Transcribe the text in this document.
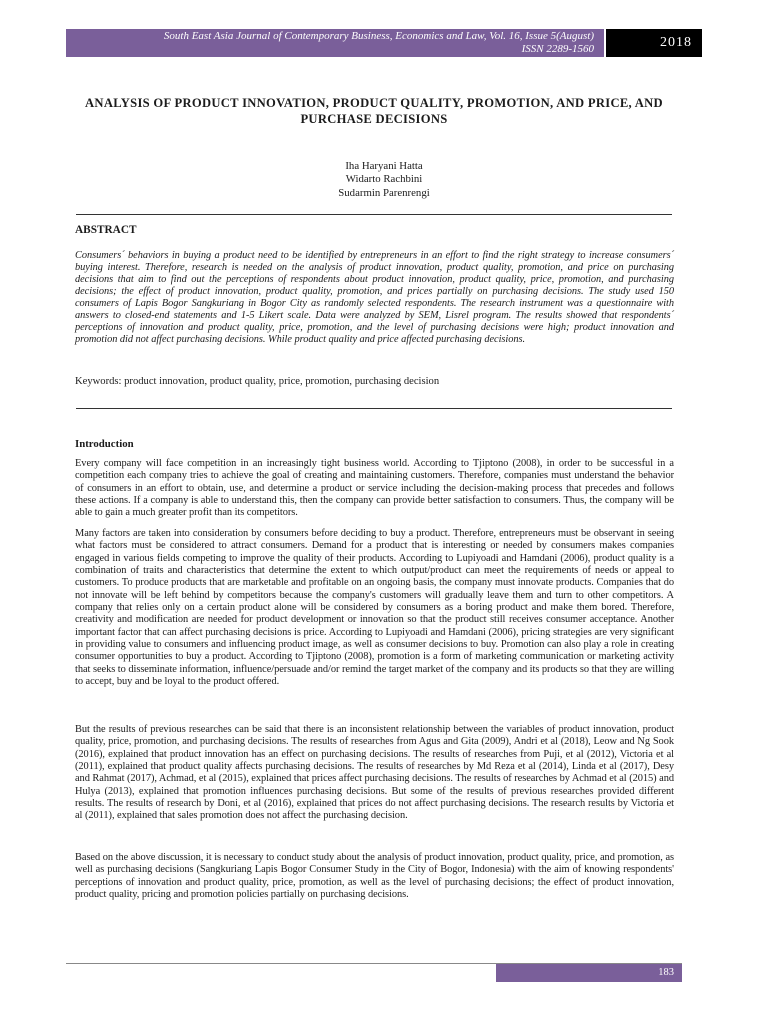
South East Asia Journal of Contemporary Business, Economics and Law, Vol. 16, Issue 5(August)
ISSN 2289-1560	2018
ANALYSIS OF PRODUCT INNOVATION, PRODUCT QUALITY, PROMOTION, AND PRICE, AND PURCHASE DECISIONS
Iha Haryani Hatta
Widarto Rachbini
Sudarmin Parenrengi
ABSTRACT

Consumers´ behaviors in buying a product need to be identified by entrepreneurs in an effort to find the right strategy to increase consumers´ buying interest. Therefore, research is needed on the analysis of product innovation, product quality, promotion, and price on purchasing decisions that aim to find out the perceptions of respondents about product innovation, product quality, price, promotion, and purchasing decisions; the effect of product innovation, product quality, promotion, and prices partially on purchasing decisions. The study used 150 consumers of Lapis Bogor Sangkuriang in Bogor City as randomly selected respondents. The research instrument was a questionnaire with answers to closed-end statements and 1-5 Likert scale. Data were analyzed by SEM, Lisrel program. The results showed that respondents´ perceptions of innovation and product quality, price, promotion, and the level of purchasing decisions were high; product innovation and promotion did not affect purchasing decisions. While product quality and price affected purchasing decisions.

Keywords: product innovation, product quality, price, promotion, purchasing decision

Introduction

Every company will face competition in an increasingly tight business world. According to Tjiptono (2008), in order to be successful in a competition each company tries to achieve the goal of creating and maintaining customers. Therefore, companies must understand the behavior of consumers in an effort to obtain, use, and determine a product or service including the decision-making process that precedes and follows these actions. If a company is able to understand this, then the company can provide better satisfaction to consumers. Thus, the company will be able to gain a much greater profit than its competitors.

Many factors are taken into consideration by consumers before deciding to buy a product. Therefore, entrepreneurs must be observant in seeing what factors must be considered to attract consumers. Demand for a product that is interesting or needed by consumers makes companies engaged in various fields competing to improve the quality of their products. According to Lupiyoadi and Hamdani (2006), product quality is a combination of traits and characteristics that determine the extent to which output/product can meet the requirements of needs or appeal to customers. To produce products that are marketable and profitable on an ongoing basis, the company must innovate products. Companies that do not innovate will be left behind by competitors because the company's customers will gradually leave them and turn to other competitors. A company that relies only on a certain product alone will be considered by consumers as a boring product and make them bored. Therefore, creativity and modification are needed for product development or innovation so that the product still receives consumer acceptance. Another important factor that can affect purchasing decisions is price. According to Lupiyoadi and Hamdani (2006), pricing strategies are very significant in providing value to consumers and influencing product image, as well as consumer decisions to buy. Promotion can also play a role in creating consumer opportunities to buy a product. According to Tjiptono (2008), promotion is a form of marketing communication or marketing activity that seeks to disseminate information, influence/persuade and/or remind the target market of the company and its products so that they are willing to accept, buy and be loyal to the product offered.

But the results of previous researches can be said that there is an inconsistent relationship between the variables of product innovation, product quality, price, promotion, and purchasing decisions. The results of researches from Agus and Gita (2009), Andri et al (2018), Leow and Ng Sook (2016), explained that product innovation has an effect on purchasing decisions. The results of researches from Puji, et al (2012), Victoria et al (2011), explained that product quality affects purchasing decisions. The results of researches by Md Reza et al (2014), Linda et al (2017), Desy and Rahmat (2017), Achmad, et al (2015), explained that prices affect purchasing decisions. The results of researches by Achmad et al (2015) and Hulya (2013), explained that promotion influences purchasing decisions. But some of the results of previous researches provided different results. The results of research by Doni, et al (2016), explained that prices do not affect purchasing decisions. The research results by Victoria et al (2011), explained that sales promotion does not affect the purchasing decision.

Based on the above discussion, it is necessary to conduct study about the analysis of product innovation, product quality, price, and promotion, as well as purchasing decisions (Sangkuriang Lapis Bogor Consumer Study in the City of Bogor, Indonesia) with the aim of knowing respondents' perceptions of innovation and product quality, price, promotion, as well as the level of purchasing decisions; the effect of product innovation, product quality, pricing and promotion policies partially on purchasing decisions.

183
